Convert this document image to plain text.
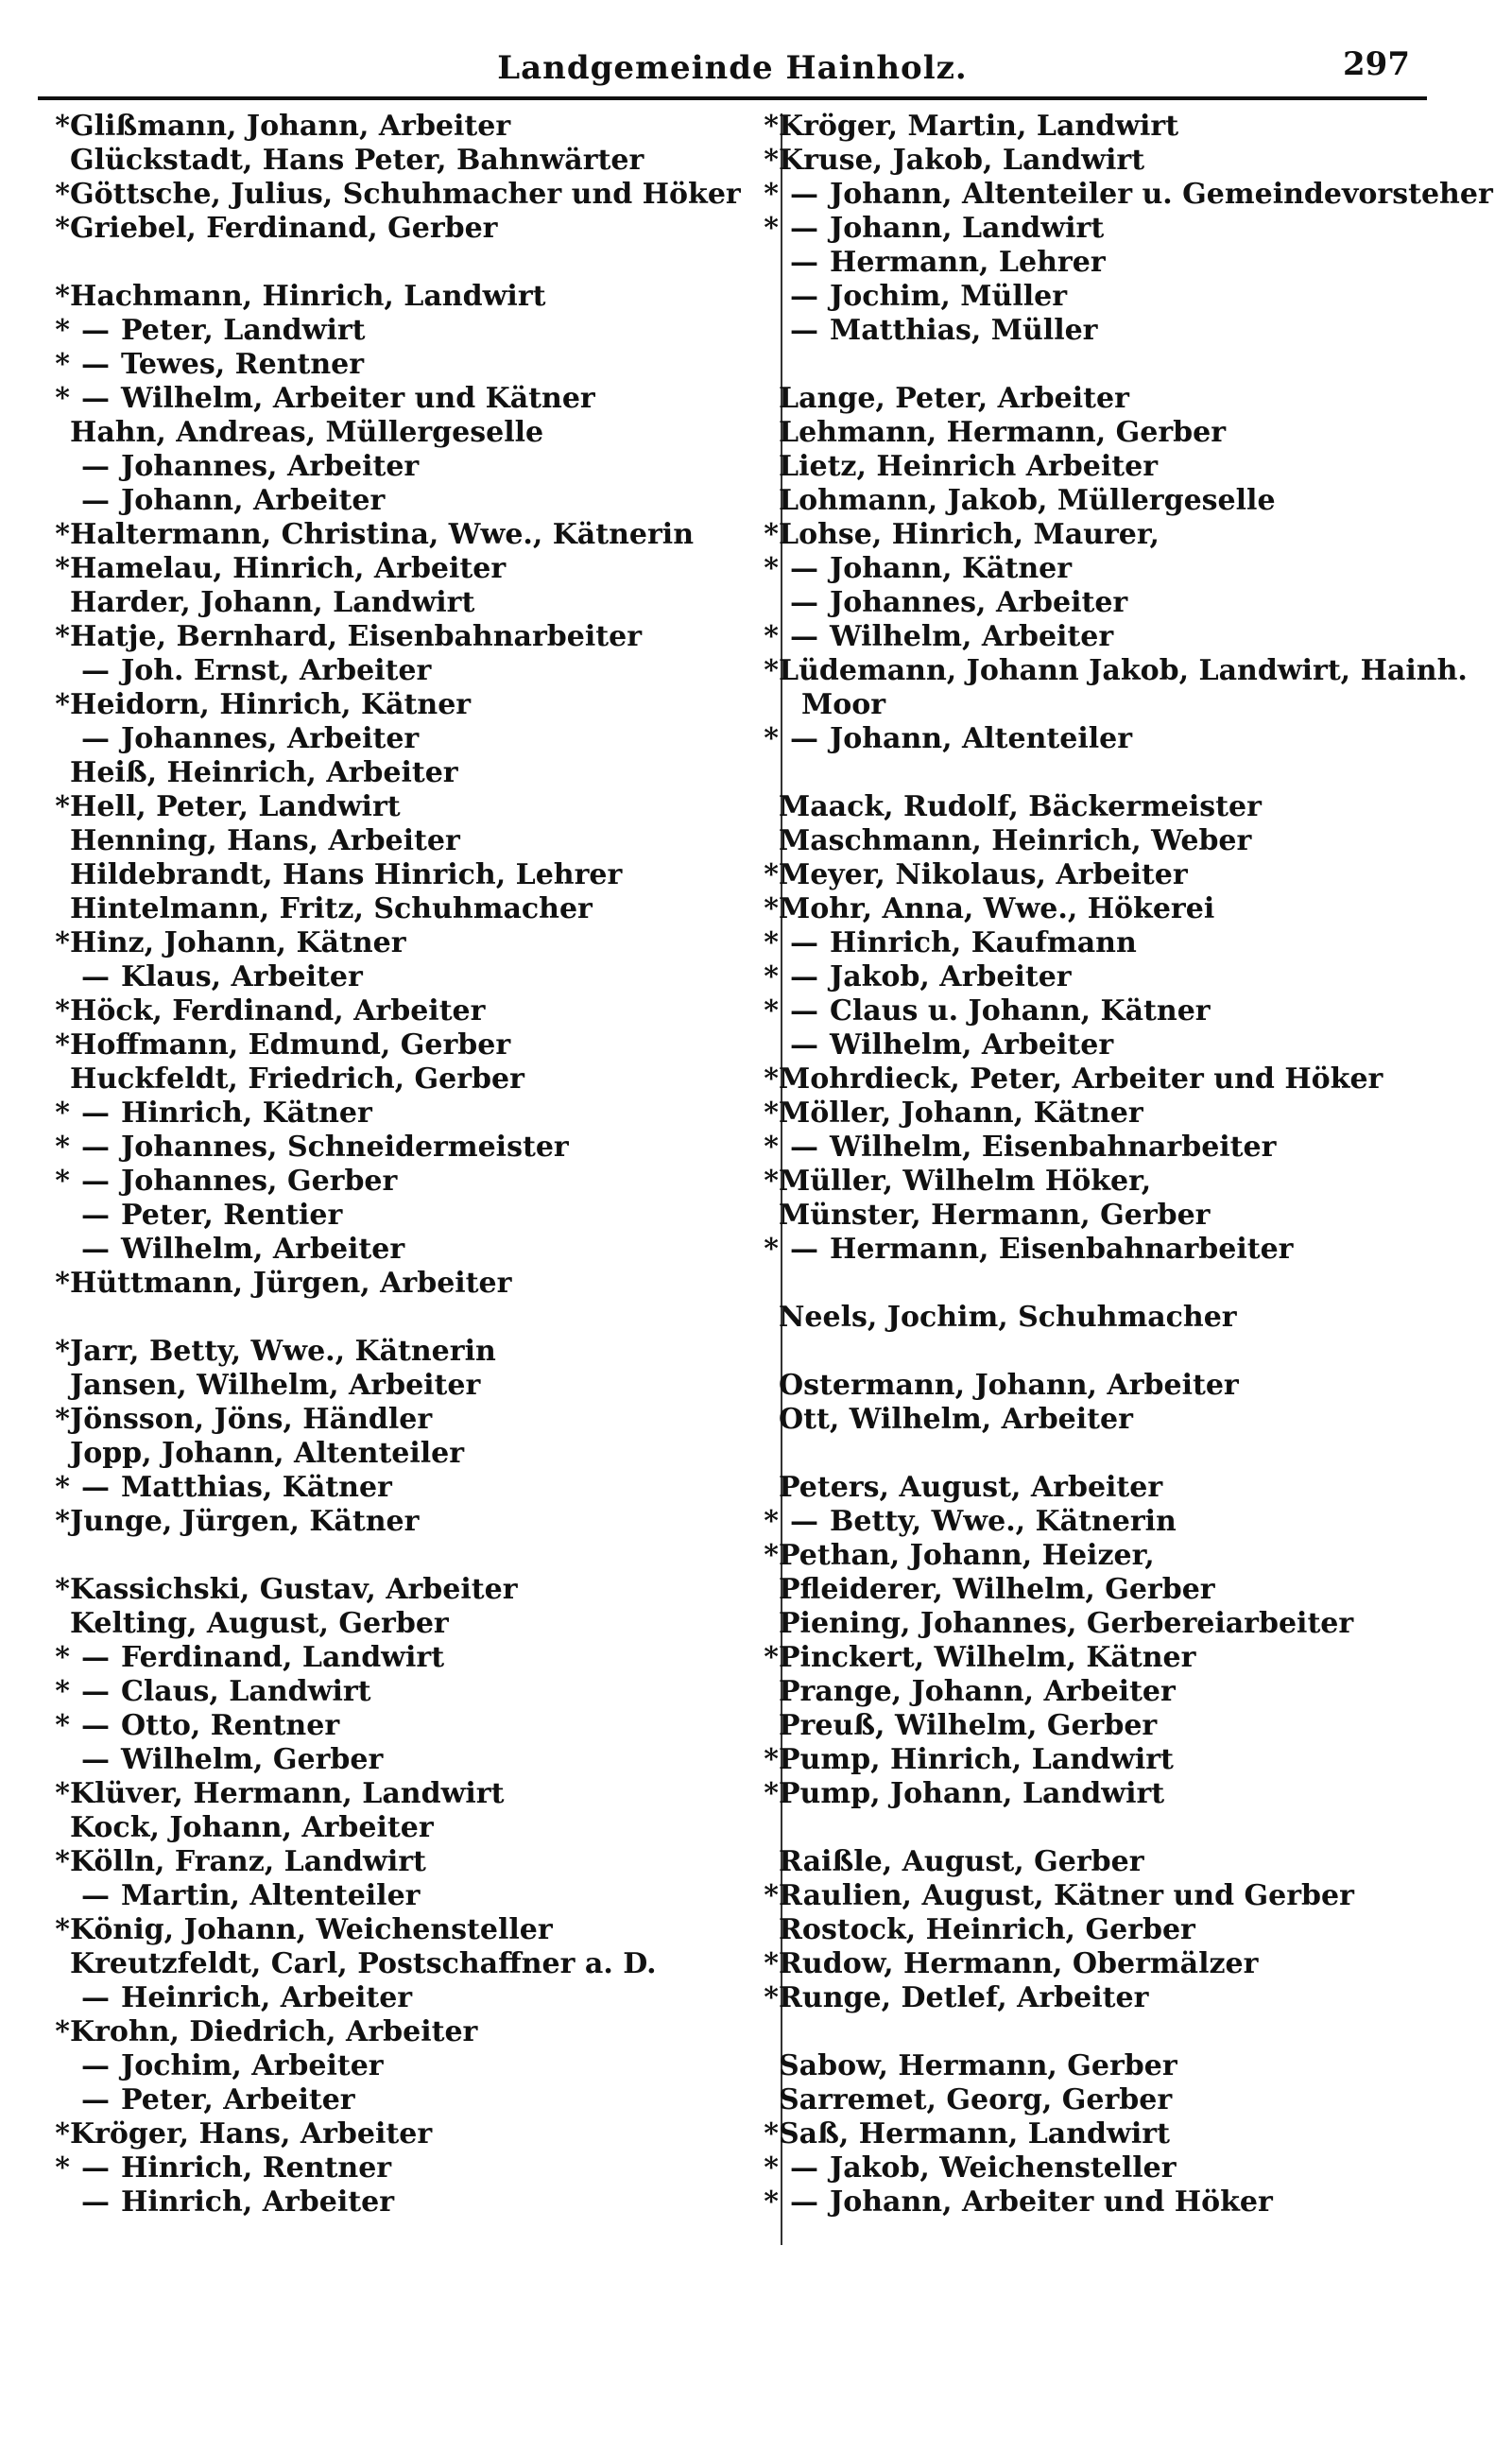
Landgemeinde Hainholz.	297
*Glißmann, Johann, Arbeiter
Glückstadt, Hans Peter, Bahnwärter
*Göttsche, Julius, Schuhmacher und Höker
*Griebel, Ferdinand, Gerber
*Hachmann, Hinrich, Landwirt
* — Peter, Landwirt
* — Tewes, Rentner
* — Wilhelm, Arbeiter und Kätner
Hahn, Andreas, Müllergeselle
— Johannes, Arbeiter
— Johann, Arbeiter
*Haltermann, Christina, Wwe., Kätnerin
*Hamelau, Hinrich, Arbeiter
Harder, Johann, Landwirt
*Hatje, Bernhard, Eisenbahnarbeiter
— Joh. Ernst, Arbeiter
*Heidorn, Hinrich, Kätner
— Johannes, Arbeiter
Heiß, Heinrich, Arbeiter
*Hell, Peter, Landwirt
Henning, Hans, Arbeiter
Hildebrandt, Hans Hinrich, Lehrer
Hintelmann, Fritz, Schuhmacher
*Hinz, Johann, Kätner
— Klaus, Arbeiter
*Höck, Ferdinand, Arbeiter
*Hoffmann, Edmund, Gerber
Huckfeldt, Friedrich, Gerber
* — Hinrich, Kätner
* — Johannes, Schneidermeister
* — Johannes, Gerber
— Peter, Rentier
— Wilhelm, Arbeiter
*Hüttmann, Jürgen, Arbeiter
*Jarr, Betty, Wwe., Kätnerin
Jansen, Wilhelm, Arbeiter
*Jönsson, Jöns, Händler
Jopp, Johann, Altenteiler
* — Matthias, Kätner
*Junge, Jürgen, Kätner
*Kassichski, Gustav, Arbeiter
Kelting, August, Gerber
* — Ferdinand, Landwirt
* — Claus, Landwirt
* — Otto, Rentner
— Wilhelm, Gerber
*Klüver, Hermann, Landwirt
Kock, Johann, Arbeiter
*Kölln, Franz, Landwirt
— Martin, Altenteiler
*König, Johann, Weichensteller
Kreutzfeldt, Carl, Postschaffner a. D.
— Heinrich, Arbeiter
*Krohn, Diedrich, Arbeiter
— Jochim, Arbeiter
— Peter, Arbeiter
*Kröger, Hans, Arbeiter
* — Hinrich, Rentner
— Hinrich, Arbeiter
*Kröger, Martin, Landwirt
*Kruse, Jakob, Landwirt
* — Johann, Altenteiler u. Gemeindevorsteher
* — Johann, Landwirt
— Hermann, Lehrer
— Jochim, Müller
— Matthias, Müller
Lange, Peter, Arbeiter
Lehmann, Hermann, Gerber
Lietz, Heinrich Arbeiter
Lohmann, Jakob, Müllergeselle
*Lohse, Hinrich, Maurer,
* — Johann, Kätner
— Johannes, Arbeiter
* — Wilhelm, Arbeiter
*Lüdemann, Johann Jakob, Landwirt, Hainh.
Moor
* — Johann, Altenteiler
Maack, Rudolf, Bäckermeister
Maschmann, Heinrich, Weber
*Meyer, Nikolaus, Arbeiter
*Mohr, Anna, Wwe., Hökerei
* — Hinrich, Kaufmann
* — Jakob, Arbeiter
* — Claus u. Johann, Kätner
— Wilhelm, Arbeiter
*Mohrdieck, Peter, Arbeiter und Höker
*Möller, Johann, Kätner
* — Wilhelm, Eisenbahnarbeiter
*Müller, Wilhelm Höker,
Münster, Hermann, Gerber
* — Hermann, Eisenbahnarbeiter
Neels, Jochim, Schuhmacher
Ostermann, Johann, Arbeiter
Ott, Wilhelm, Arbeiter
Peters, August, Arbeiter
* — Betty, Wwe., Kätnerin
*Pethan, Johann, Heizer,
Pfleiderer, Wilhelm, Gerber
Piening, Johannes, Gerbereiarbeiter
*Pinckert, Wilhelm, Kätner
Prange, Johann, Arbeiter
Preuß, Wilhelm, Gerber
*Pump, Hinrich, Landwirt
*Pump, Johann, Landwirt
Raißle, August, Gerber
*Raulien, August, Kätner und Gerber
Rostock, Heinrich, Gerber
*Rudow, Hermann, Obermälzer
*Runge, Detlef, Arbeiter
Sabow, Hermann, Gerber
Sarremet, Georg, Gerber
*Saß, Hermann, Landwirt
* — Jakob, Weichensteller
* — Johann, Arbeiter und Höker
